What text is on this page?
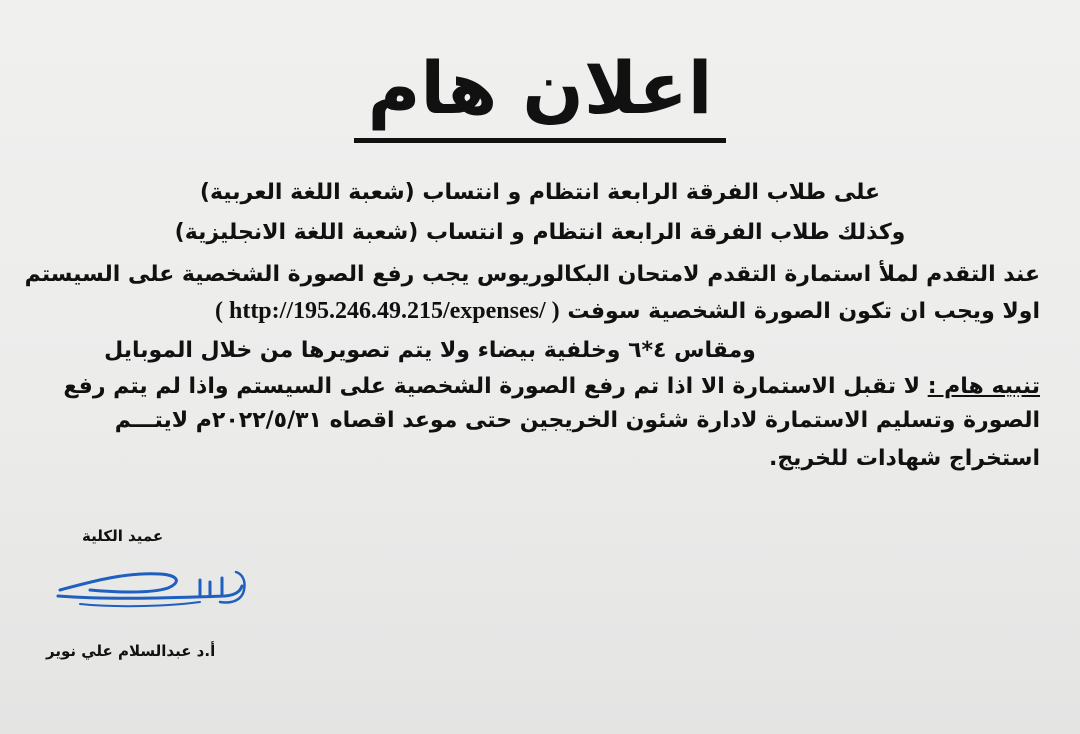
اعلان هام
على طلاب الفرقة الرابعة انتظام و انتساب (شعبة اللغة العربية)
وكذلك طلاب الفرقة الرابعة انتظام و انتساب (شعبة اللغة الانجليزية)
عند التقدم لملأ استمارة التقدم لامتحان البكالوريوس يجب رفع الصورة الشخصية على السيستم
اولا ويجب ان تكون الصورة الشخصية سوفت ( http://195.246.49.215/expenses/ )
ومقاس ٤*٦ وخلفية بيضاء ولا يتم تصويرها من خلال الموبايل
تنبيه هام : لا تقبل الاستمارة الا اذا تم رفع الصورة الشخصية على السيستم واذا لم يتم رفع
الصورة وتسليم الاستمارة لادارة شئون الخريجين حتى موعد اقصاه ٢٠٢٢/٥/٣١م لايتـــم
استخراج شهادات للخريج.
عميد الكلية
أ.د عبدالسلام علي نوير
